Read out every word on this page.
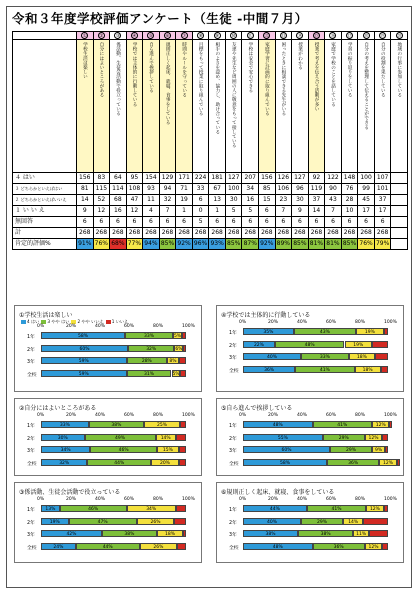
令和３年度学校評価アンケート（生徒 -中間７月）
	①	②	③	④	⑤	⑥	⑦	⑧	⑨	⑩	⑪	⑫	⑬	⑭	⑮	⑯	⑰	⑱	⑲	⑳

	学校生活は楽しい	自分にはよいところがある	係活動、生徒会活動で役立っている	学校では主体的に行動している	自ら進んで挨拶している	規則正しく起床、就寝、食事をしている	時間やルールを守っている	目標をもって授業に取り組んでいる	相手のよさを認め、協力し、助け合っている	友達や先生など周囲の人に敬意をもって接している	学校は安全で安心できる	家庭学習に計画的に取り組んでいる	困ったときに相談できる先生がいる	授業がわかる	授業で考えを伝え合う活動が多い	家庭で学校のことを話している	学習の振り返りをしている	自分の考えを整理して伝えることができる	自分の役割を果たしている	地域の行事に参加している

４ はい	156	83	64	95	154	129	171	224	181	127	207	156	126	127	92	122	148	100	107	
３ どちらかといえばはい	81	115	114	108	93	94	71	33	67	100	34	85	106	96	119	90	76	99	101	
２ どちらかといえばいいえ	14	52	68	47	11	32	19	6	13	30	16	15	23	30	37	43	28	45	37	
１ い い え	9	12	16	12	4	7	1	0	1	5	5	6	7	9	14	7	10	17	17	
無回答	6	6	6	6	6	6	6	5	6	6	6	6	6	6	6	6	6	6	6	
計	268	268	268	268	268	268	268	268	268	268	268	268	268	268	268	268	268	268	268	
肯定的評価%	91%	76%	68%	77%	94%	85%	92%	96%	93%	85%	87%	92%	89%	85%	81%	81%	85%	76%	79%	
①学校生活は楽しい
4 はい 3 やや はい 2 やや いいえ 1 いいえ
0%	20%	40%	60%	80%	100%
1年	58%	33%	5%
2年	60%	32%	6%
3年	59%	28%	8%
全校	59%	31%	5%
④学校では主体的に行動している
0%	20%	40%	60%	80%	100%
1年	35%	43%	19%
2年	22%	48%	19%
3年	40%	33%	18%
全校	36%	41%	18%
②自分にはよいところがある
0%	20%	40%	60%	80%	100%
1年	33%	38%	25%
2年	30%	49%	14%
3年	34%	46%	15%
全校	32%	44%	20%
⑤自ら進んで挨拶している
0%	20%	40%	60%	80%	100%
1年	48%	41%	12%
2年	55%	29%	12%
3年	60%	29%	9%
全校	58%	36%	12%
③係活動、生徒会活動で役立っている
0%	20%	40%	60%	80%	100%
1年	13%	46%	34%
2年	19%	47%	26%
3年	42%	38%	18%
全校	24%	44%	26%
⑥規則正しく起床、就寝、食事をしている
0%	20%	40%	60%	80%	100%
1年	44%	41%	12%
2年	40%	29%	14%
3年	38%	38%	11%
全校	48%	36%	12%
